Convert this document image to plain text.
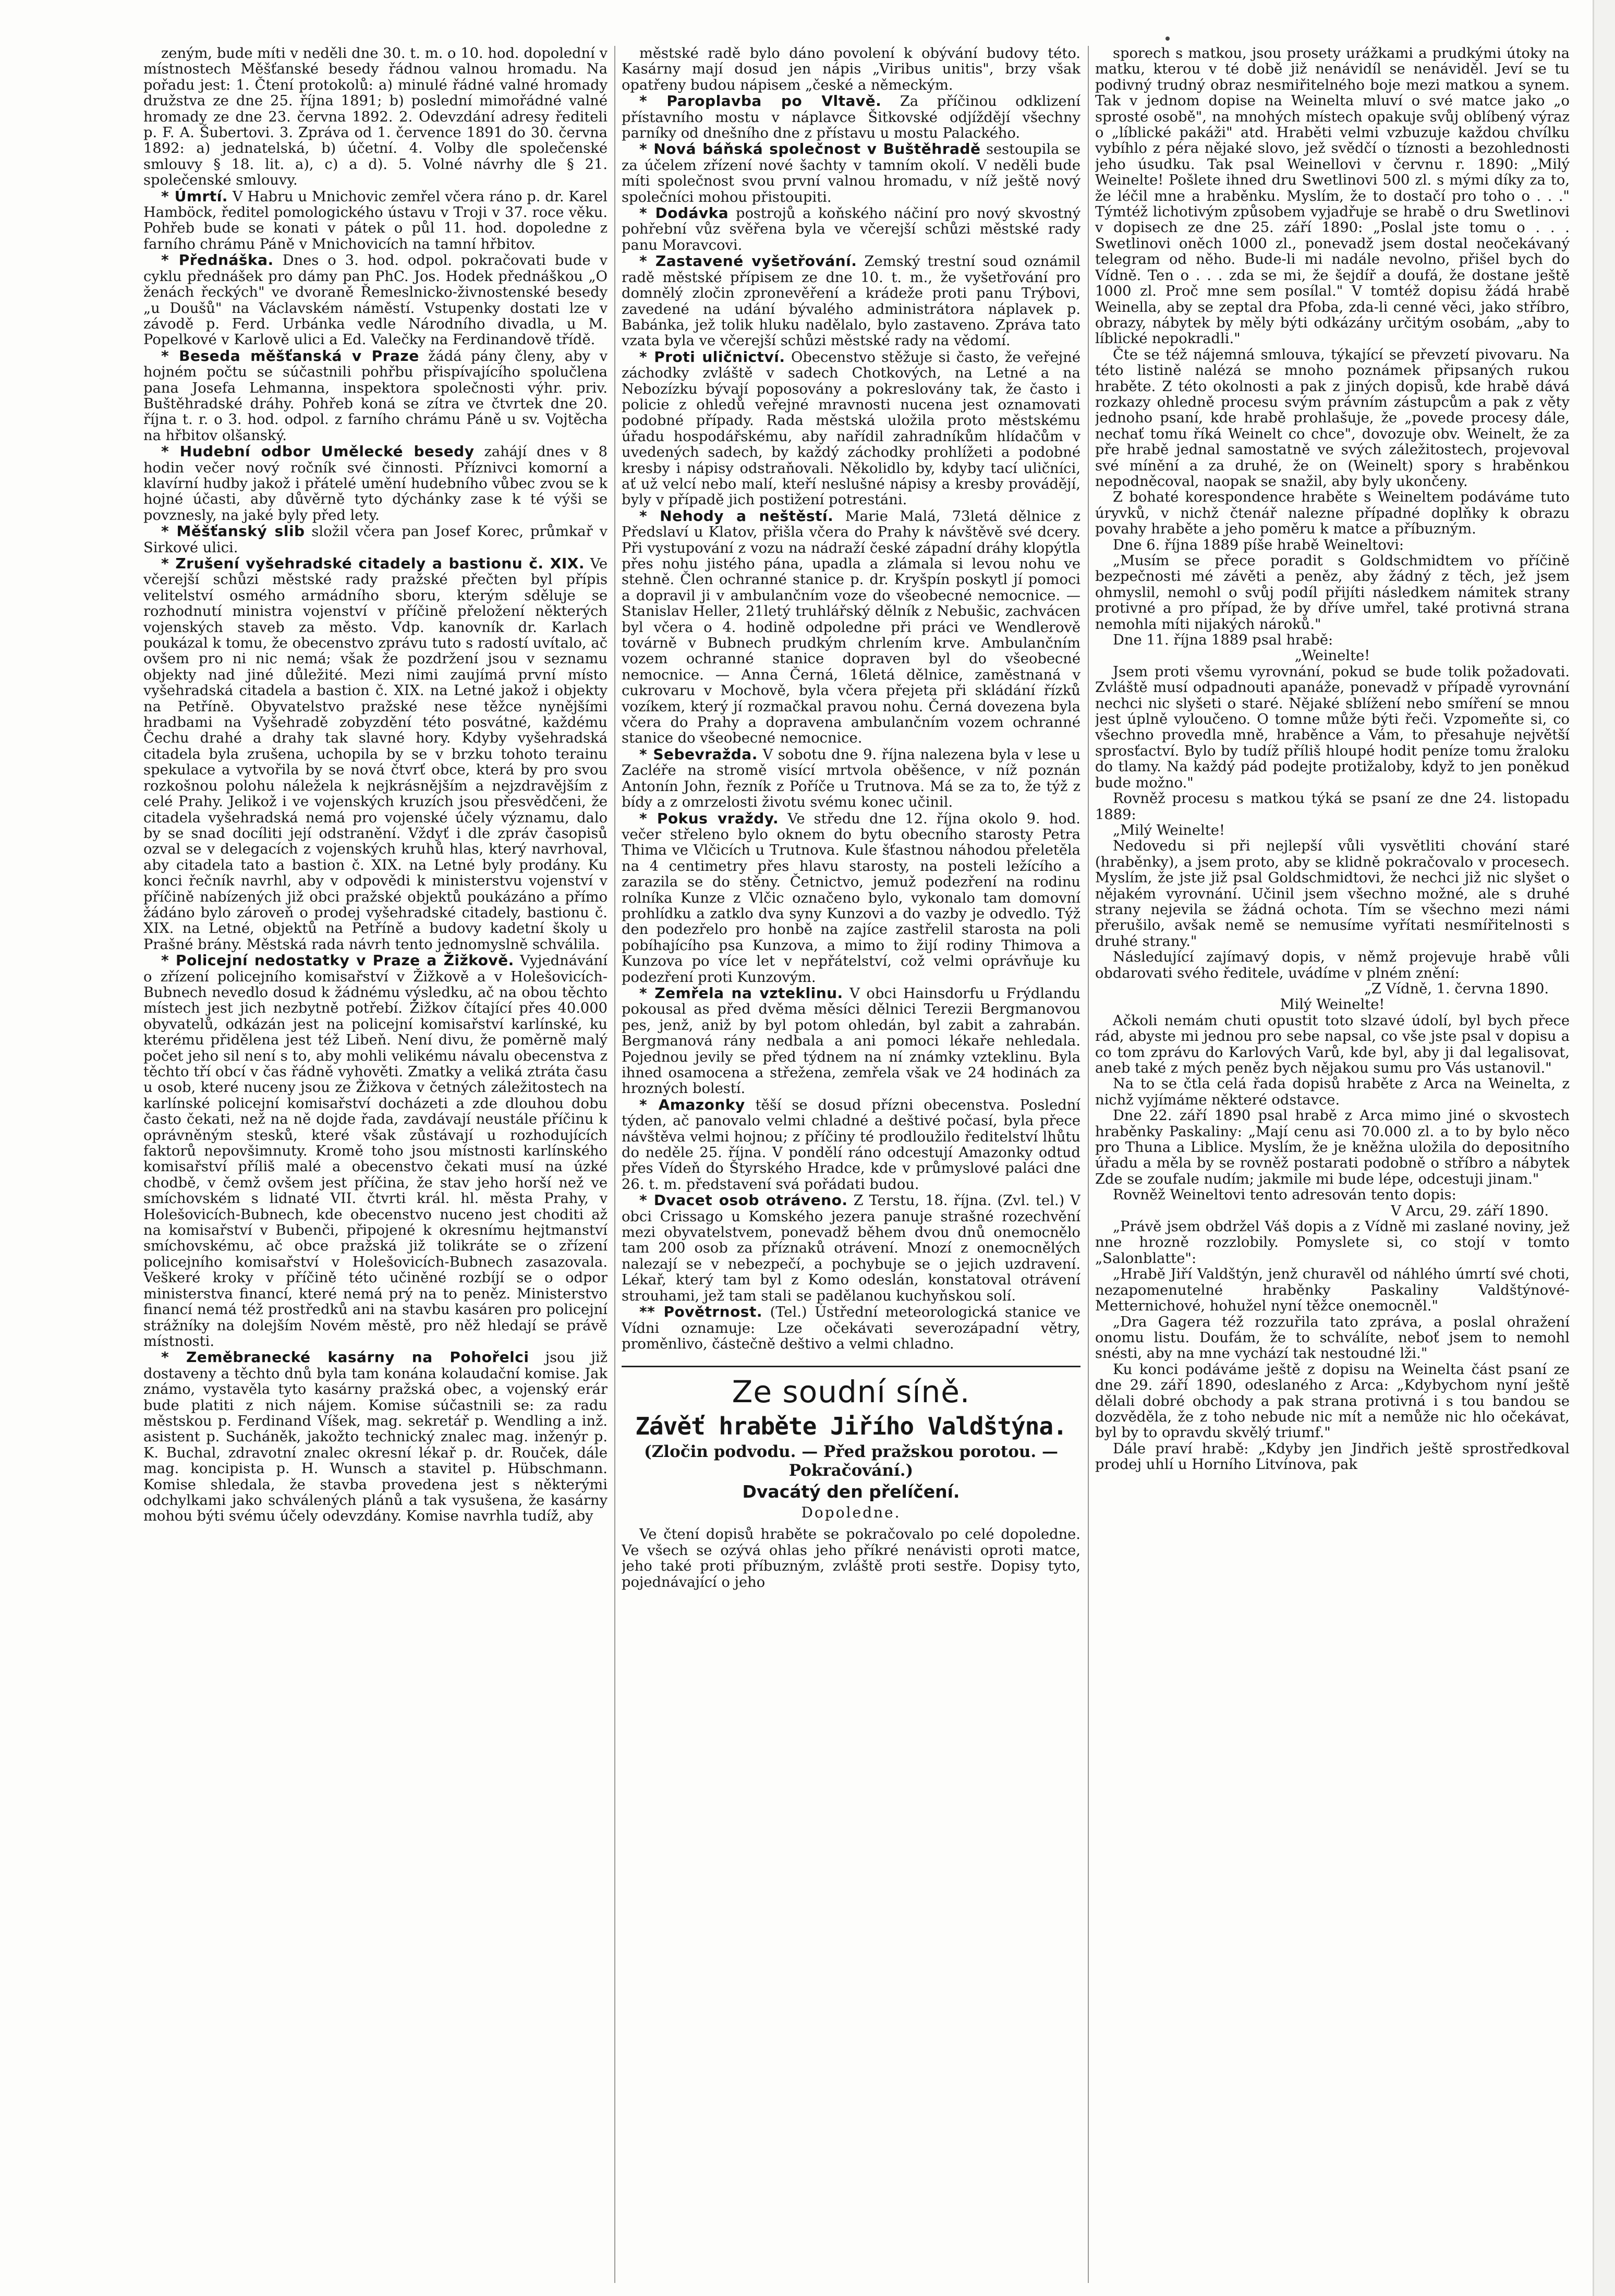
zeným, bude míti v neděli dne 30. t. m. o 10. hod. dopolední v místnostech Měšťanské besedy řádnou valnou hromadu. Na pořadu jest: 1. Čtení protokolů: a) minulé řádné valné hromady družstva ze dne 25. října 1891; b) poslední mimořádné valné hromady ze dne 23. června 1892. 2. Odevzdání adresy řediteli p. F. A. Šubertovi. 3. Zpráva od 1. července 1891 do 30. června 1892: a) jednatelská, b) účetní. 4. Volby dle společenské smlouvy § 18. lit. a), c) a d). 5. Volné návrhy dle § 21. společenské smlouvy.

* Úmrtí. V Habru u Mnichovic zemřel včera ráno p. dr. Karel Hamböck, ředitel pomologického ústavu v Troji v 37. roce věku. Pohřeb bude se konati v pátek o půl 11. hod. dopoledne z farního chrámu Páně v Mnichovicích na tamní hřbitov.

* Přednáška. Dnes o 3. hod. odpol. pokračovati bude v cyklu přednášek pro dámy pan PhC. Jos. Hodek přednáškou „O ženách řeckých" ve dvoraně Řemeslnicko-živnostenské besedy „u Doušů" na Václavském náměstí. Vstupenky dostati lze v závodě p. Ferd. Urbánka vedle Národního divadla, u M. Popelkové v Karlově ulici a Ed. Valečky na Ferdinandově třídě.

* Beseda měšťanská v Praze žádá pány členy, aby v hojném počtu se súčastnili pohřbu přispívajícího spolučlena pana Josefa Lehmanna, inspektora společnosti výhr. priv. Buštěhradské dráhy. Pohřeb koná se zítra ve čtvrtek dne 20. října t. r. o 3. hod. odpol. z farního chrámu Páně u sv. Vojtěcha na hřbitov olšanský.

* Hudební odbor Umělecké besedy zahájí dnes v 8 hodin večer nový ročník své činnosti. Příznivci komorní a klavírní hudby jakož i přátelé umění hudebního vůbec zvou se k hojné účasti, aby důvěrně tyto dýchánky zase k té výši se povznesly, na jaké byly před lety.

* Měšťanský slib složil včera pan Josef Korec, průmkař v Sirkové ulici.

* Zrušení vyšehradské citadely a bastionu č. XIX. Ve včerejší schůzi městské rady pražské přečten byl přípis velitelství osmého armádního sboru, kterým sděluje se rozhodnutí ministra vojenství v příčině přeložení některých vojenských staveb za město. Vdp. kanovník dr. Karlach poukázal k tomu, že obecenstvo zprávu tuto s radostí uvítalo, ač ovšem pro ni nic nemá; však že pozdržení jsou v seznamu objekty nad jiné důležité. Mezi nimi zaujímá první místo vyšehradská citadela a bastion č. XIX. na Letné jakož i objekty na Petříně. Obyvatelstvo pražské nese těžce nynějšími hradbami na Vyšehradě zobyzdění této posvátné, každému Čechu drahé a drahy tak slavné hory. Kdyby vyšehradská citadela byla zrušena, uchopila by se v brzku tohoto terainu spekulace a vytvořila by se nová čtvrť obce, která by pro svou rozkošnou polohu náležela k nejkrásnějším a nejzdravějším z celé Prahy. Jelikož i ve vojenských kruzích jsou přesvědčeni, že citadela vyšehradská nemá pro vojenské účely významu, dalo by se snad docíliti její odstranění. Vždyť i dle zpráv časopisů ozval se v delegacích z vojenských kruhů hlas, který navrhoval, aby citadela tato a bastion č. XIX. na Letné byly prodány. Ku konci řečník navrhl, aby v odpovědi k ministerstvu vojenství v příčině nabízených již obci pražské objektů poukázáno a přímo žádáno bylo zároveň o prodej vyšehradské citadely, bastionu č. XIX. na Letné, objektů na Petříně a budovy kadetní školy u Prašné brány. Městská rada návrh tento jednomyslně schválila.

* Policejní nedostatky v Praze a Žižkově. Vyjednávání o zřízení policejního komisařství v Žižkově a v Holešovicích-Bubnech nevedlo dosud k žádnému výsledku, ač na obou těchto místech jest jich nezbytně potřebí. Žižkov čítající přes 40.000 obyvatelů, odkázán jest na policejní komisařství karlínské, ku kterému přidělena jest též Libeň. Není divu, že poměrně malý počet jeho sil není s to, aby mohli velikému návalu obecenstva z těchto tří obcí v čas řádně vyhověti. Zmatky a veliká ztráta času u osob, které nuceny jsou ze Žižkova v četných záležitostech na karlínské policejní komisařství docházeti a zde dlouhou dobu často čekati, než na ně dojde řada, zavdávají neustále příčinu k oprávněným stesků, které však zůstávají u rozhodujících faktorů nepovšimnuty. Kromě toho jsou místnosti karlínského komisařství příliš malé a obecenstvo čekati musí na úzké chodbě, v čemž ovšem jest příčina, že stav jeho horší než ve smíchovském s lidnaté VII. čtvrti král. hl. města Prahy, v Holešovicích-Bubnech, kde obecenstvo nuceno jest choditi až na komisařství v Bubenči, připojené k okresnímu hejtmanství smíchovskému, ač obce pražská již tolikráte se o zřízení policejního komisařství v Holešovicích-Bubnech zasazovala. Veškeré kroky v příčině této učiněné rozbíjí se o odpor ministerstva financí, které nemá prý na to peněz. Ministerstvo financí nemá též prostředků ani na stavbu kasáren pro policejní strážníky na dolejším Novém městě, pro něž hledají se právě místnosti.

* Zeměbranecké kasárny na Pohořelci jsou již dostaveny a těchto dnů byla tam konána kolaudační komise. Jak známo, vystavěla tyto kasárny pražská obec, a vojenský erár bude platiti z nich nájem. Komise súčastnili se: za radu městskou p. Ferdinand Víšek, mag. sekretář p. Wendling a inž. asistent p. Sucháněk, jakožto technický znalec mag. inženýr p. K. Buchal, zdravotní znalec okresní lékař p. dr. Rouček, dále mag. koncipista p. H. Wunsch a stavitel p. Hübschmann. Komise shledala, že stavba provedena jest s některými odchylkami jako schválených plánů a tak vysušena, že kasárny mohou býti svému účely odevzdány. Komise navrhla tudíž, aby

městské radě bylo dáno povolení k obývání budovy této. Kasárny mají dosud jen nápis „Viribus unitis", brzy však opatřeny budou nápisem „české a německým.

* Paroplavba po Vltavě. Za příčinou odklizení přístavního mostu v náplavce Šitkovské odjíždějí všechny parníky od dnešního dne z přístavu u mostu Palackého.

* Nová báňská společnost v Buštěhradě sestoupila se za účelem zřízení nové šachty v tamním okolí. V neděli bude míti společnost svou první valnou hromadu, v níž ještě nový společníci mohou přistoupiti.

* Dodávka postrojů a koňského náčiní pro nový skvostný pohřební vůz svěřena byla ve včerejší schůzi městské rady panu Moravcovi.

* Zastavené vyšetřování. Zemský trestní soud oznámil radě městské přípisem ze dne 10. t. m., že vyšetřování pro domnělý zločin zpronevěření a krádeže proti panu Trýbovi, zavedené na udání bývalého administrátora náplavek p. Babánka, jež tolik hluku nadělalo, bylo zastaveno. Zpráva tato vzata byla ve včerejší schůzi městské rady na vědomí.

* Proti uličnictví. Obecenstvo stěžuje si často, že veřejné záchodky zvláště v sadech Chotkových, na Letné a na Nebozízku bývají poposovány a pokreslovány tak, že často i policie z ohledů veřejné mravnosti nucena jest oznamovati podobné případy. Rada městská uložila proto městskému úřadu hospodářskému, aby nařídil zahradníkům hlídačům v uvedených sadech, by každý záchodky prohlížeti a podobné kresby i nápisy odstraňovali. Několidlo by, kdyby tací uličníci, ať už velcí nebo malí, kteří neslušné nápisy a kresby provádějí, byly v případě jich postižení potrestáni.

* Nehody a neštěstí. Marie Malá, 73letá dělnice z Předslaví u Klatov, přišla včera do Prahy k návštěvě své dcery. Při vystupování z vozu na nádraží české západní dráhy klopýtla přes nohu jistého pána, upadla a zlámala si levou nohu ve stehně. Člen ochranné stanice p. dr. Kryšpín poskytl jí pomoci a dopravil ji v ambulančním voze do všeobecné nemocnice. — Stanislav Heller, 21letý truhlářský dělník z Nebušic, zachvácen byl včera o 4. hodině odpoledne při práci ve Wendlerově továrně v Bubnech prudkým chrlením krve. Ambulančním vozem ochranné stanice dopraven byl do všeobecné nemocnice. — Anna Černá, 16letá dělnice, zaměstnaná v cukrovaru v Mochově, byla včera přejeta při skládání řízků vozíkem, který jí rozmačkal pravou nohu. Černá dovezena byla včera do Prahy a dopravena ambulančním vozem ochranné stanice do všeobecné nemocnice.

* Sebevražda. V sobotu dne 9. října nalezena byla v lese u Zacléře na stromě visící mrtvola oběšence, v níž poznán Antonín John, řezník z Poříče u Trutnova. Má se za to, že týž z bídy a z omrzelosti životu svému konec učinil.

* Pokus vraždy. Ve středu dne 12. října okolo 9. hod. večer střeleno bylo oknem do bytu obecního starosty Petra Thima ve Vlčicích u Trutnova. Kule šťastnou náhodou přeletěla na 4 centimetry přes hlavu starosty, na posteli ležícího a zarazila se do stěny. Četnictvo, jemuž podezření na rodinu rolníka Kunze z Vlčic označeno bylo, vykonalo tam domovní prohlídku a zatklo dva syny Kunzovi a do vazby je odvedlo. Týž den podezřelo pro honbě na zajíce zastřelil starosta na poli pobíhajícího psa Kunzova, a mimo to žijí rodiny Thimova a Kunzova po více let v nepřátelství, což velmi oprávňuje ku podezření proti Kunzovým.

* Zemřela na vzteklinu. V obci Hainsdorfu u Frýdlandu pokousal as před dvěma měsíci dělnici Terezii Bergmanovou pes, jenž, aniž by byl potom ohledán, byl zabit a zahrabán. Bergmanová rány nedbala a ani pomoci lékaře nehledala. Pojednou jevily se před týdnem na ní známky vzteklinu. Byla ihned osamocena a střežena, zemřela však ve 24 hodinách za hrozných bolestí.

* Amazonky těší se dosud přízni obecenstva. Poslední týden, ač panovalo velmi chladné a deštivé počasí, byla přece návštěva velmi hojnou; z příčiny té prodloužilo ředitelství lhůtu do neděle 25. října. V pondělí ráno odcestují Amazonky odtud přes Vídeň do Štyrského Hradce, kde v průmyslové paláci dne 26. t. m. představení svá pořádati budou.

* Dvacet osob otráveno. Z Terstu, 18. října. (Zvl. tel.) V obci Crissago u Komského jezera panuje strašné rozechvění mezi obyvatelstvem, ponevadž během dvou dnů onemocnělo tam 200 osob za příznaků otrávení. Mnozí z onemocnělých nalezají se v nebezpečí, a pochybuje se o jejich uzdravení. Lékař, který tam byl z Komo odeslán, konstatoval otrávení strouhami, jež tam stali se padělanou kuchyňskou solí.

** Povětrnost. (Tel.) Ústřední meteorologická stanice ve Vídni oznamuje: Lze očekávati severozápadní větry, proměnlivo, částečně deštivo a velmi chladno.

Ze soudní síně.
Závěť hraběte Jiřího Valdštýna.

(Zločin podvodu. — Před pražskou porotou. — Pokračování.)

Dvacátý den přelíčení.

Dopoledne.

Ve čtení dopisů hraběte se pokračovalo po celé dopoledne. Ve všech se ozývá ohlas jeho příkré nenávisti oproti matce, jeho také proti příbuzným, zvláště proti sestře. Dopisy tyto, pojednávající o jeho

sporech s matkou, jsou prosety urážkami a prudkými útoky na matku, kterou v té době již nenávidíl se nenáviděl. Jeví se tu podivný trudný obraz nesmiřitelného boje mezi matkou a synem. Tak v jednom dopise na Weinelta mluví o své matce jako „o sprosté osobě", na mnohých místech opakuje svůj oblíbený výraz o „líblické pakáži" atd. Hraběti velmi vzbuzuje každou chvílku vybíhlo z péra nějaké slovo, jež svědčí o tíznosti a bezohlednosti jeho úsudku. Tak psal Weinellovi v červnu r. 1890: „Milý Weinelte! Pošlete ihned dru Swetlinovi 500 zl. s mými díky za to, že léčil mne a hraběnku. Myslím, že to dostačí pro toho o . . ." Týmtéž lichotivým způsobem vyjadřuje se hrabě o dru Swetlinovi v dopisech ze dne 25. září 1890: „Poslal jste tomu o . . . Swetlinovi oněch 1000 zl., ponevadž jsem dostal neočekávaný telegram od něho. Bude-li mi nadále nevolno, přišel bych do Vídně. Ten o . . . zda se mi, že šejdíř a doufá, že dostane ještě 1000 zl. Proč mne sem posílal." V tomtéž dopisu žádá hrabě Weinella, aby se zeptal dra Pfoba, zda-li cenné věci, jako stříbro, obrazy, nábytek by měly býti odkázány určitým osobám, „aby to líblické nepokradli."

Čte se též nájemná smlouva, týkající se převzetí pivovaru. Na této listině nalézá se mnoho poznámek připsaných rukou hraběte. Z této okolnosti a pak z jiných dopisů, kde hrabě dává rozkazy ohledně procesu svým právním zástupcům a pak z věty jednoho psaní, kde hrabě prohlašuje, že „povede procesy dále, nechať tomu říká Weinelt co chce", dovozuje obv. Weinelt, že za pře hrabě jednal samostatně ve svých záležitostech, projevoval své mínění a za druhé, že on (Weinelt) spory s hraběnkou nepodněcoval, naopak se snažil, aby byly ukončeny.

Z bohaté korespondence hraběte s Weineltem podáváme tuto úryvků, v nichž čtenář nalezne případné doplňky k obrazu povahy hraběte a jeho poměru k matce a příbuzným.

Dne 6. října 1889 píše hrabě Weineltovi:

„Musím se přece poradit s Goldschmidtem vo příčině bezpečnosti mé závěti a peněz, aby žádný z těch, jež jsem ohmyslil, nemohl o svůj podíl přijíti následkem námitek strany protivné a pro případ, že by dříve umřel, také protivná strana nemohla míti nijakých nároků."

Dne 11. října 1889 psal hrabě:

„Weinelte!

Jsem proti všemu vyrovnání, pokud se bude tolik požadovati. Zvláště musí odpadnouti apanáže, ponevadž v případě vyrovnání nechci nic slyšeti o staré. Nějaké sblížení nebo smíření se mnou jest úplně vyloučeno. O tomne může býti řeči. Vzpomeňte si, co všechno provedla mně, hraběnce a Vám, to přesahuje největší sprosťactví. Bylo by tudíž příliš hloupé hodit peníze tomu žraloku do tlamy. Na každý pád podejte protižaloby, když to jen poněkud bude možno."

Rovněž procesu s matkou týká se psaní ze dne 24. listopadu 1889:

„Milý Weinelte!

Nedovedu si při nejlepší vůli vysvětliti chování staré (hraběnky), a jsem proto, aby se klidně pokračovalo v procesech. Myslím, že jste již psal Goldschmidtovi, že nechci již nic slyšet o nějakém vyrovnání. Učinil jsem všechno možné, ale s druhé strany nejevila se žádná ochota. Tím se všechno mezi námi přerušilo, avšak nemě se nemusíme vyřítati nesmířitelnosti s druhé strany."

Následující zajímavý dopis, v němž projevuje hrabě vůli obdarovati svého ředitele, uvádíme v plném znění:

„Z Vídně, 1. června 1890.

Milý Weinelte!

Ačkoli nemám chuti opustit toto slzavé údolí, byl bych přece rád, abyste mi jednou pro sebe napsal, co vše jste psal v dopisu a co tom zprávu do Karlových Varů, kde byl, aby ji dal legalisovat, aneb také z mých peněz bych nějakou sumu pro Vás ustanovil."

Na to se čtla celá řada dopisů hraběte z Arca na Weinelta, z nichž vyjímáme některé odstavce.

Dne 22. září 1890 psal hrabě z Arca mimo jiné o skvostech hraběnky Paskaliny: „Mají cenu asi 70.000 zl. a to by bylo něco pro Thuna a Liblice. Myslím, že je kněžna uložila do depositního úřadu a měla by se rovněž postarati podobně o stříbro a nábytek Zde se zoufale nudím; jakmile mi bude lépe, odcestuji jinam."

Rovněž Weineltovi tento adresován tento dopis:

V Arcu, 29. září 1890.

„Právě jsem obdržel Váš dopis a z Vídně mi zaslané noviny, jež nne hrozně rozzlobily. Pomyslete si, co stojí v tomto „Salonblatte":

„Hrabě Jiří Valdštýn, jenž churavěl od náhlého úmrtí své choti, nezapomenutelné hraběnky Paskaliny Valdštýnové-Metternichové, hohužel nyní těžce onemocněl."

„Dra Gagera též rozzuřila tato zpráva, a poslal ohražení onomu listu. Doufám, že to schválíte, neboť jsem to nemohl snésti, aby na mne vychází tak nestoudné lži."

Ku konci podáváme ještě z dopisu na Weinelta část psaní ze dne 29. září 1890, odeslaného z Arca: „Kdybychom nyní ještě dělali dobré obchody a pak strana protivná i s tou bandou se dozvěděla, že z toho nebude nic mít a nemůže nic hlo očekávat, byl by to opravdu skvělý triumf."

Dále praví hrabě: „Kdyby jen Jindřich ještě sprostředkoval prodej uhlí u Horního Litvínova, pak
